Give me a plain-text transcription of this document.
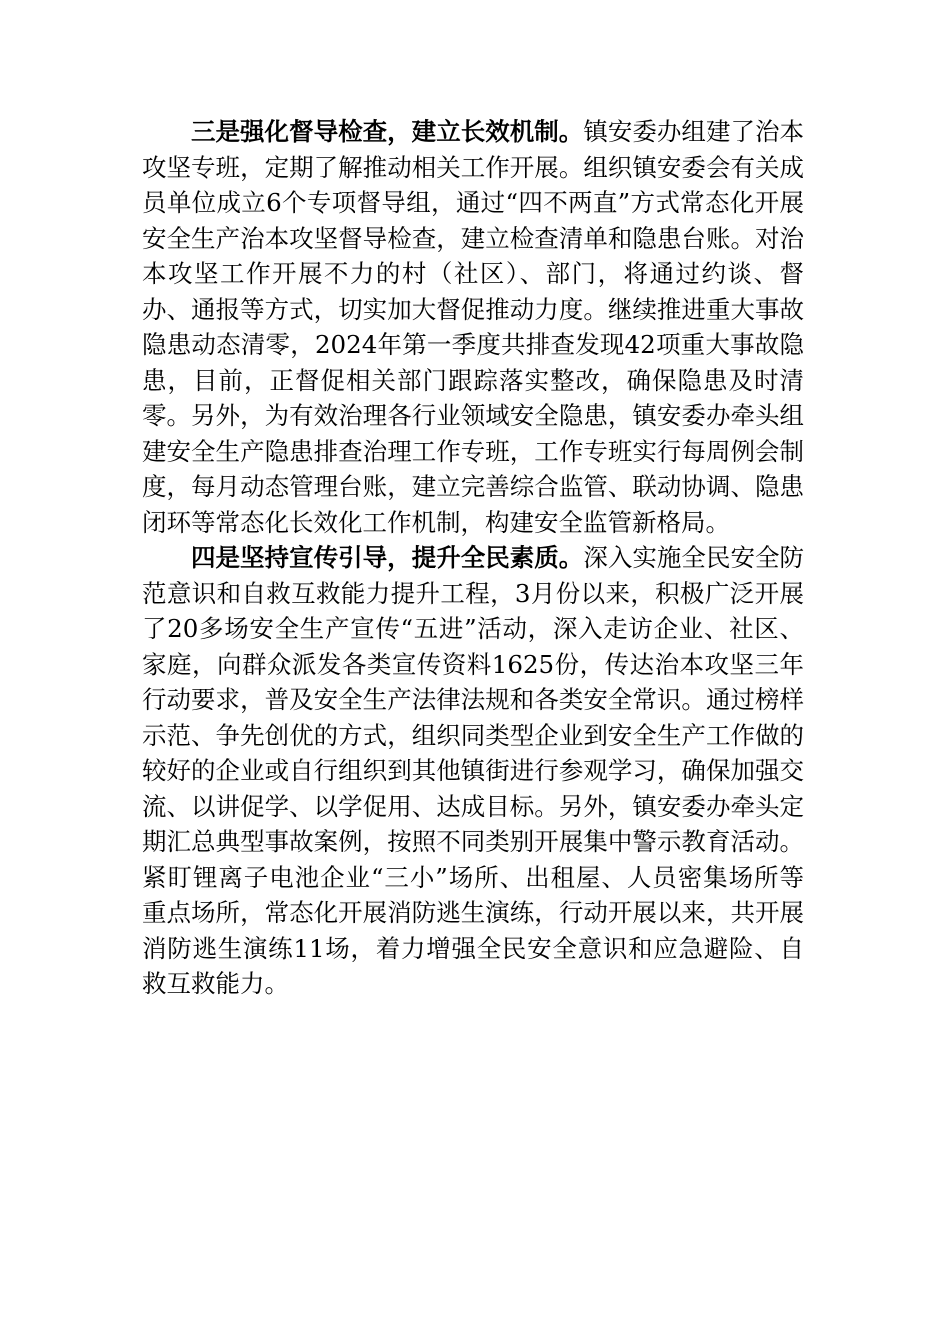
三是强化督导检查，建立长效机制。镇安委办组建了治本攻坚专班，定期了解推动相关工作开展。组织镇安委会有关成员单位成立6个专项督导组，通过“四不两直”方式常态化开展安全生产治本攻坚督导检查，建立检查清单和隐患台账。对治本攻坚工作开展不力的村（社区）、部门，将通过约谈、督办、通报等方式，切实加大督促推动力度。继续推进重大事故隐患动态清零，2024年第一季度共排查发现42项重大事故隐患，目前，正督促相关部门跟踪落实整改，确保隐患及时清零。另外，为有效治理各行业领域安全隐患，镇安委办牵头组建安全生产隐患排查治理工作专班，工作专班实行每周例会制度，每月动态管理台账，建立完善综合监管、联动协调、隐患闭环等常态化长效化工作机制，构建安全监管新格局。

四是坚持宣传引导，提升全民素质。深入实施全民安全防范意识和自救互救能力提升工程，3月份以来，积极广泛开展了20多场安全生产宣传“五进”活动，深入走访企业、社区、家庭，向群众派发各类宣传资料1625份，传达治本攻坚三年行动要求，普及安全生产法律法规和各类安全常识。通过榜样示范、争先创优的方式，组织同类型企业到安全生产工作做的较好的企业或自行组织到其他镇街进行参观学习，确保加强交流、以讲促学、以学促用、达成目标。另外，镇安委办牵头定期汇总典型事故案例，按照不同类别开展集中警示教育活动。紧盯锂离子电池企业“三小”场所、出租屋、人员密集场所等重点场所，常态化开展消防逃生演练，行动开展以来，共开展消防逃生演练11场，着力增强全民安全意识和应急避险、自救互救能力。
